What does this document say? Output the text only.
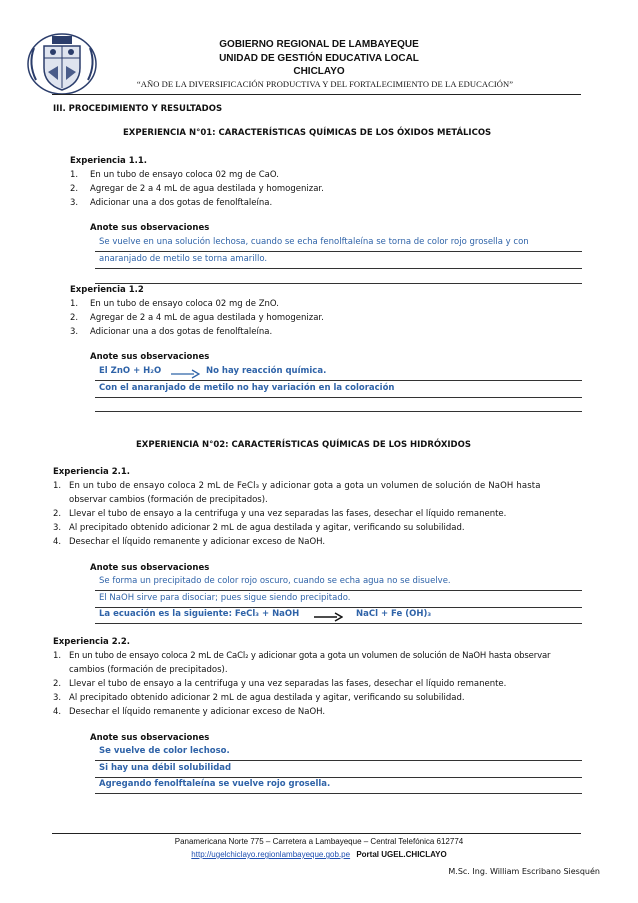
GOBIERNO REGIONAL DE LAMBAYEQUE
UNIDAD DE GESTIÓN EDUCATIVA LOCAL
CHICLAYO
“AÑO DE LA DIVERSIFICACIÓN PRODUCTIVA Y DEL FORTALECIMIENTO DE LA EDUCACIÓN”
III. PROCEDIMIENTO Y RESULTADOS
EXPERIENCIA N°01: CARACTERÍSTICAS QUÍMICAS DE LOS ÓXIDOS METÁLICOS
Experiencia 1.1.
1. En un tubo de ensayo coloca 02 mg de CaO.
2. Agregar de 2 a 4 mL de agua destilada y homogenizar.
3. Adicionar una a dos gotas de fenolftaleína.
Anote sus observaciones
Se vuelve en una solución lechosa, cuando se echa fenolftaleína se torna de color rojo grosella y con
anaranjado de metilo se torna amarillo.
Experiencia 1.2
1. En un tubo de ensayo coloca 02 mg de ZnO.
2. Agregar de 2 a 4 mL de agua destilada y homogenizar.
3. Adicionar una a dos gotas de fenolftaleína.
Anote sus observaciones
El ZnO + H₂O	No hay reacción química.
Con el anaranjado de metilo no hay variación en la coloración
EXPERIENCIA N°02: CARACTERÍSTICAS QUÍMICAS DE LOS HIDRÓXIDOS
Experiencia 2.1.
1. En un tubo de ensayo coloca 2 mL de FeCl₃ y adicionar gota a gota un volumen de solución de NaOH hasta
observar cambios (formación de precipitados).
2. Llevar el tubo de ensayo a la centrifuga y una vez separadas las fases, desechar el líquido remanente.
3. Al precipitado obtenido adicionar 2 mL de agua destilada y agitar, verificando su solubilidad.
4. Desechar el líquido remanente y adicionar exceso de NaOH.
Anote sus observaciones
Se forma un precipitado de color rojo oscuro, cuando se echa agua no se disuelve.
El NaOH sirve para disociar; pues sigue siendo precipitado.
La ecuación es la siguiente: FeCl₃ + NaOH	NaCl + Fe (OH)₃
Experiencia 2.2.
1. En un tubo de ensayo coloca 2 mL de CaCl₂ y adicionar gota a gota un volumen de solución de NaOH hasta observar
cambios (formación de precipitados).
2. Llevar el tubo de ensayo a la centrifuga y una vez separadas las fases, desechar el líquido remanente.
3. Al precipitado obtenido adicionar 2 mL de agua destilada y agitar, verificando su solubilidad.
4. Desechar el líquido remanente y adicionar exceso de NaOH.
Anote sus observaciones
Se vuelve de color lechoso.
Si hay una débil solubilidad
Agregando fenolftaleína se vuelve rojo grosella.
Panamericana Norte 775 – Carretera a Lambayeque – Central Telefónica 612774
http://ugelchiclayo.regionlambayeque.gob.pe Portal UGEL.CHICLAYO
M.Sc. Ing. William Escribano Siesquén
